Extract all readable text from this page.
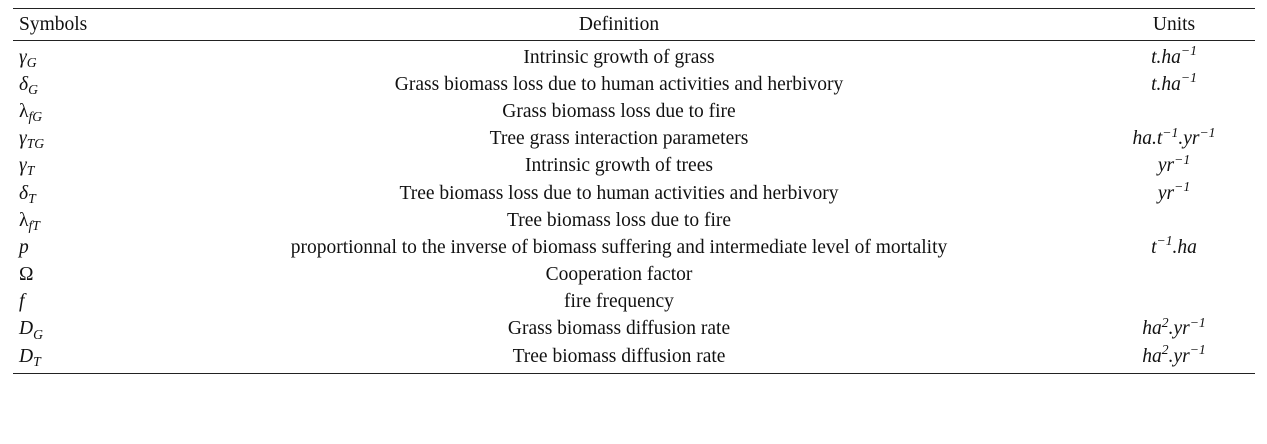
Symbols	Definition	Units
$\gamma_G$	Intrinsic growth of grass	$t.ha^{-1}$
$\delta_G$	Grass biomass loss due to human activities and herbivory	$t.ha^{-1}$
$\lambda_{fG}$	Grass biomass loss due to fire	
$\gamma_{TG}$	Tree grass interaction parameters	$ha.t^{-1}.yr^{-1}$
$\gamma_T$	Intrinsic growth of trees	$yr^{-1}$
$\delta_T$	Tree biomass loss due to human activities and herbivory	$yr^{-1}$
$\lambda_{fT}$	Tree biomass loss due to fire	
p	proportionnal to the inverse of biomass suffering and intermediate level of mortality	$t^{-1}.ha$
Ω	Cooperation factor	
f	fire frequency	
$D_G$	Grass biomass diffusion rate	$ha^2.yr^{-1}$
$D_T$	Tree biomass diffusion rate	$ha^2.yr^{-1}$
